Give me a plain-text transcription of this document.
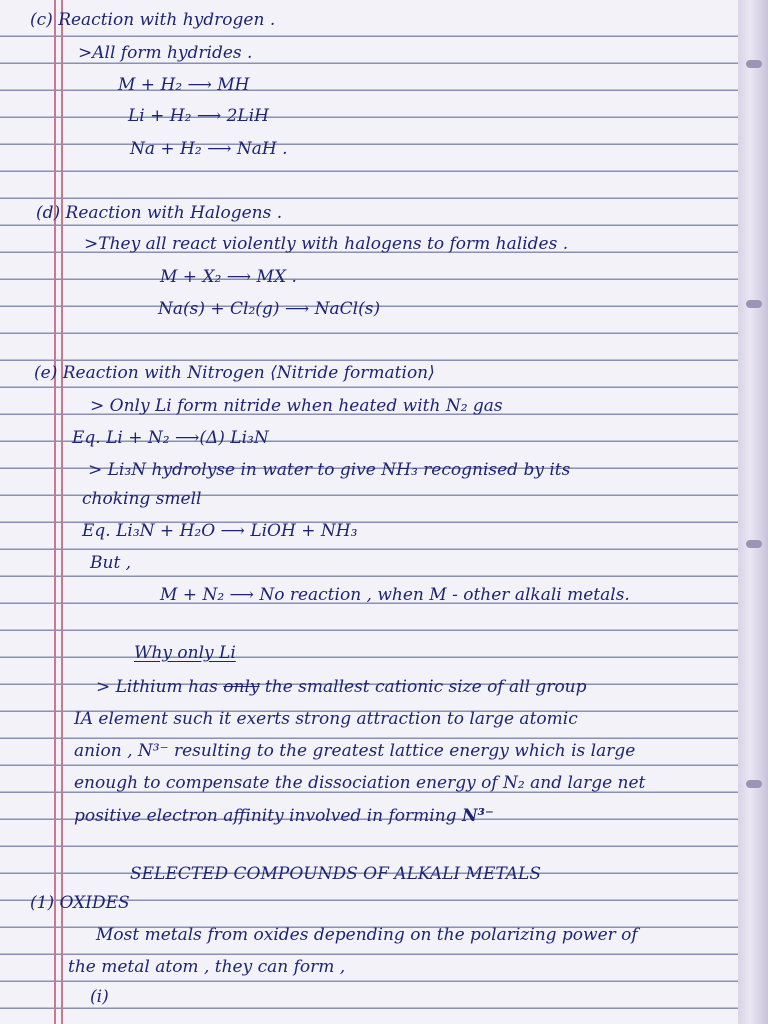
(c) Reaction with hydrogen .
>All form hydrides .
M + H₂ ⟶ MH
Li + H₂ ⟶ 2LiH
Na + H₂ ⟶ NaH .
(d) Reaction with Halogens .
>They all react violently with halogens to form halides .
M + X₂ ⟶ MX .
Na(s) + Cl₂(g) ⟶ NaCl(s)
(e) Reaction with Nitrogen ⟨Nitride formation⟩
> Only Li form nitride when heated with N₂ gas
Eq. Li + N₂ ⟶(Δ) Li₃N
> Li₃N hydrolyse in water to give NH₃ recognised by its
choking smell
Eq. Li₃N + H₂O ⟶ LiOH + NH₃
But ,
M + N₂ ⟶ No reaction , when M - other alkali metals.
Why only Li
> Lithium has only the smallest cationic size of all group
IA element such it exerts strong attraction to large atomic
anion , N³⁻ resulting to the greatest lattice energy which is large
enough to compensate the dissociation energy of N₂ and large net
positive electron affinity involved in forming N³⁻
SELECTED COMPOUNDS OF ALKALI METALS
(1) OXIDES
Most metals from oxides depending on the polarizing power of
the metal atom , they can form ,
(i)
